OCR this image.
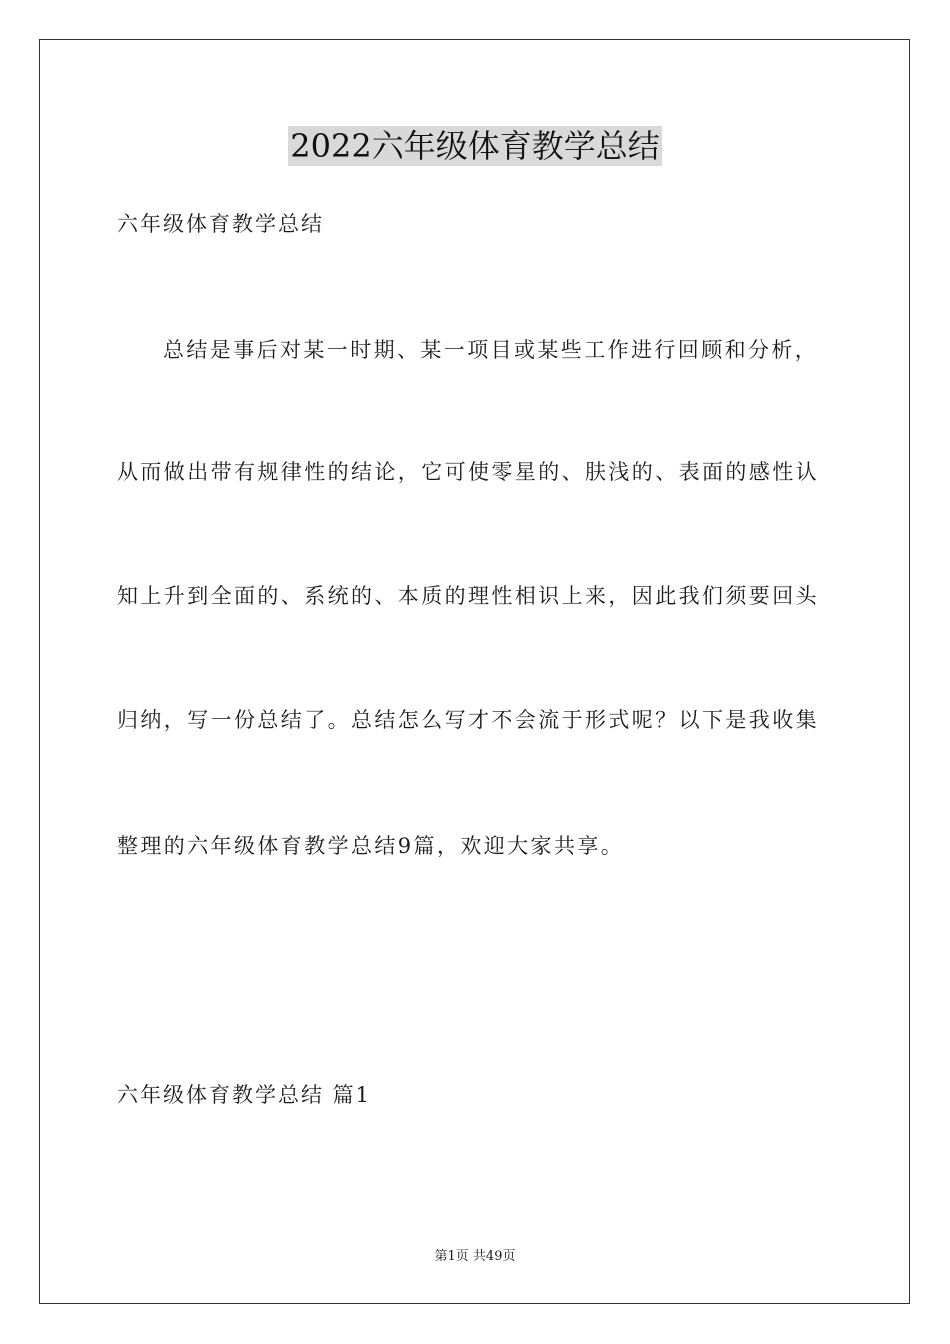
2022六年级体育教学总结
六年级体育教学总结
总结是事后对某一时期、某一项目或某些工作进行回顾和分析，
从而做出带有规律性的结论，它可使零星的、肤浅的、表面的感性认
知上升到全面的、系统的、本质的理性相识上来，因此我们须要回头
归纳，写一份总结了。总结怎么写才不会流于形式呢？以下是我收集
整理的六年级体育教学总结9篇，欢迎大家共享。
六年级体育教学总结 篇1
第1页 共49页
